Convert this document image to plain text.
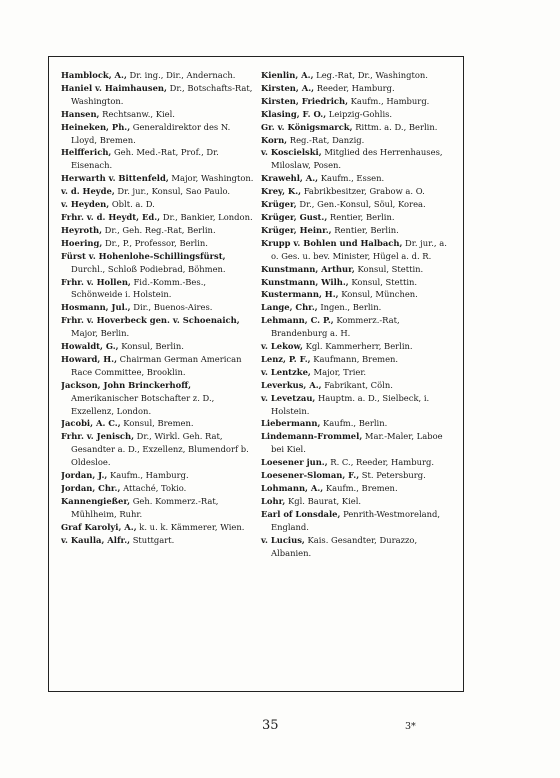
Hamblock, A., Dr. ing., Dir., Andernach.
Haniel v. Haimhausen, Dr., Botschafts-Rat, Washington.
Hansen, Rechtsanw., Kiel.
Heineken, Ph., Generaldirektor des N. Lloyd, Bremen.
Helfferich, Geh. Med.-Rat, Prof., Dr. Eisenach.
Herwarth v. Bittenfeld, Major, Washington.
v. d. Heyde, Dr. jur., Konsul, Sao Paulo.
v. Heyden, Oblt. a. D.
Frhr. v. d. Heydt, Ed., Dr., Bankier, London.
Heyroth, Dr., Geh. Reg.-Rat, Berlin.
Hoering, Dr., P., Professor, Berlin.
Fürst v. Hohenlohe-Schillingsfürst, Durchl., Schloß Podiebrad, Böhmen.
Frhr. v. Hollen, Fid.-Komm.-Bes., Schönweide i. Holstein.
Hosmann, Jul., Dir., Buenos-Aires.
Frhr. v. Hoverbeck gen. v. Schoenaich, Major, Berlin.
Howaldt, G., Konsul, Berlin.
Howard, H., Chairman German American Race Committee, Brooklin.
Jackson, John Brinckerhoff, Amerikanischer Botschafter z. D., Exzellenz, London.
Jacobi, A. C., Konsul, Bremen.
Frhr. v. Jenisch, Dr., Wirkl. Geh. Rat, Gesandter a. D., Exzellenz, Blumendorf b. Oldesloe.
Jordan, J., Kaufm., Hamburg.
Jordan, Chr., Attaché, Tokio.
Kannengießer, Geh. Kommerz.-Rat, Mühlheim, Ruhr.
Graf Karolyi, A., k. u. k. Kämmerer, Wien.
v. Kaulla, Alfr., Stuttgart.
Kienlin, A., Leg.-Rat, Dr., Washington.
Kirsten, A., Reeder, Hamburg.
Kirsten, Friedrich, Kaufm., Hamburg.
Klasing, F. O., Leipzig-Gohlis.
Gr. v. Königsmarck, Rittm. a. D., Berlin.
Korn, Reg.-Rat, Danzig.
v. Koscielski, Mitglied des Herrenhauses, Miloslaw, Posen.
Krawehl, A., Kaufm., Essen.
Krey, K., Fabrikbesitzer, Grabow a. O.
Krüger, Dr., Gen.-Konsul, Söul, Korea.
Krüger, Gust., Rentier, Berlin.
Krüger, Heinr., Rentier, Berlin.
Krupp v. Bohlen und Halbach, Dr. jur., a. o. Ges. u. bev. Minister, Hügel a. d. R.
Kunstmann, Arthur, Konsul, Stettin.
Kunstmann, Wilh., Konsul, Stettin.
Kustermann, H., Konsul, München.
Lange, Chr., Ingen., Berlin.
Lehmann, C. P., Kommerz.-Rat, Brandenburg a. H.
v. Lekow, Kgl. Kammerherr, Berlin.
Lenz, P. F., Kaufmann, Bremen.
v. Lentzke, Major, Trier.
Leverkus, A., Fabrikant, Cöln.
v. Levetzau, Hauptm. a. D., Sielbeck, i. Holstein.
Liebermann, Kaufm., Berlin.
Lindemann-Frommel, Mar.-Maler, Laboe bei Kiel.
Loesener jun., R. C., Reeder, Hamburg.
Loesener-Sloman, F., St. Petersburg.
Lohmann, A., Kaufm., Bremen.
Lohr, Kgl. Baurat, Kiel.
Earl of Lonsdale, Penrith-Westmoreland, England.
v. Lucius, Kais. Gesandter, Durazzo, Albanien.
35	3*
